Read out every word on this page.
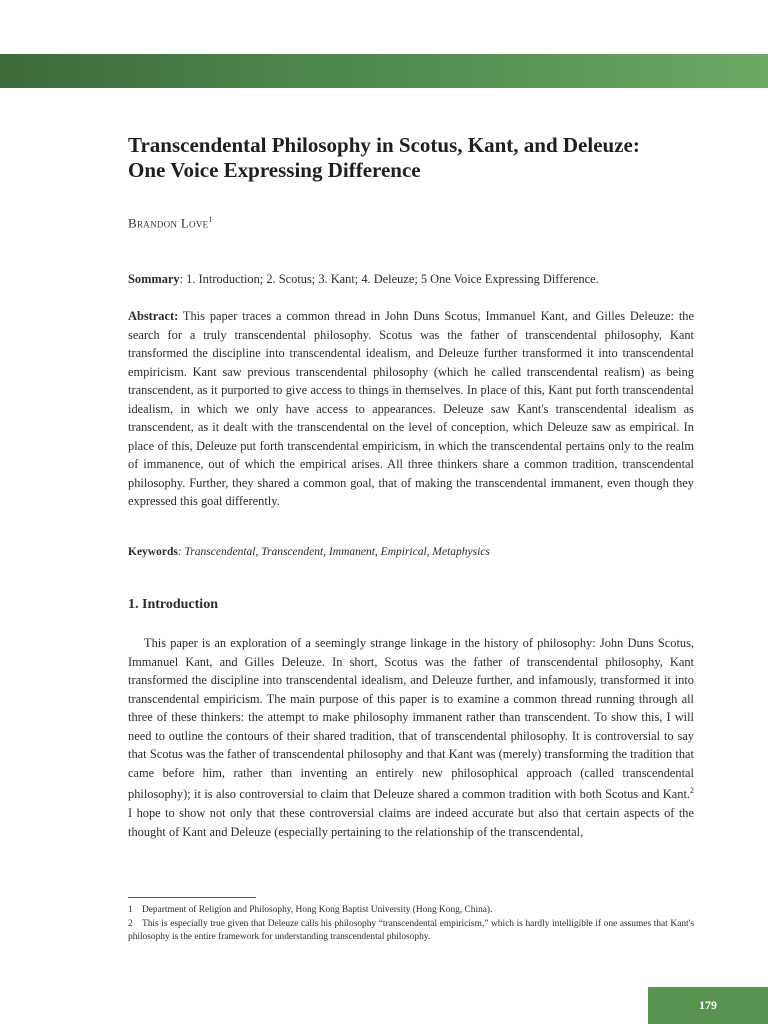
Transcendental Philosophy in Scotus, Kant, and Deleuze:
One Voice Expressing Difference

Brandon Love$^1$

Sommary: 1. Introduction; 2. Scotus; 3. Kant; 4. Deleuze; 5 One Voice Expressing Difference.

Abstract: This paper traces a common thread in John Duns Scotus, Immanuel Kant, and Gilles Deleuze: the search for a truly transcendental philosophy. Scotus was the father of transcendental philosophy, Kant transformed the discipline into transcendental idealism, and Deleuze further transformed it into transcendental empiricism. Kant saw previous transcendental philosophy (which he called transcendental realism) as being transcendent, as it purported to give access to things in themselves. In place of this, Kant put forth transcendental idealism, in which we only have access to appearances. Deleuze saw Kant's transcendental idealism as transcendent, as it dealt with the transcendental on the level of conception, which Deleuze saw as empirical. In place of this, Deleuze put forth transcendental empiricism, in which the transcendental pertains only to the realm of immanence, out of which the empirical arises. All three thinkers share a common tradition, transcendental philosophy. Further, they shared a common goal, that of making the transcendental immanent, even though they expressed this goal differently.

Keywords: Transcendental, Transcendent, Immanent, Empirical, Metaphysics

1. Introduction

This paper is an exploration of a seemingly strange linkage in the history of philosophy: John Duns Scotus, Immanuel Kant, and Gilles Deleuze. In short, Scotus was the father of transcendental philosophy, Kant transformed the discipline into transcendental idealism, and Deleuze further, and infamously, transformed it into transcendental empiricism. The main purpose of this paper is to examine a common thread running through all three of these thinkers: the attempt to make philosophy immanent rather than transcendent. To show this, I will need to outline the contours of their shared tradition, that of transcendental philosophy. It is controversial to say that Scotus was the father of transcendental philosophy and that Kant was (merely) transforming the tradition that came before him, rather than inventing an entirely new philosophical approach (called transcendental philosophy); it is also controversial to claim that Deleuze shared a common tradition with both Scotus and Kant.$^2$ I hope to show not only that these controversial claims are indeed accurate but also that certain aspects of the thought of Kant and Deleuze (especially pertaining to the relationship of the transcendental,

1 Department of Religion and Philosophy, Hong Kong Baptist University (Hong Kong, China).

2 This is especially true given that Deleuze calls his philosophy “transcendental empiricism,” which is hardly intelligible if one assumes that Kant's philosophy is the entire framework for understanding transcendental philosophy.

179
